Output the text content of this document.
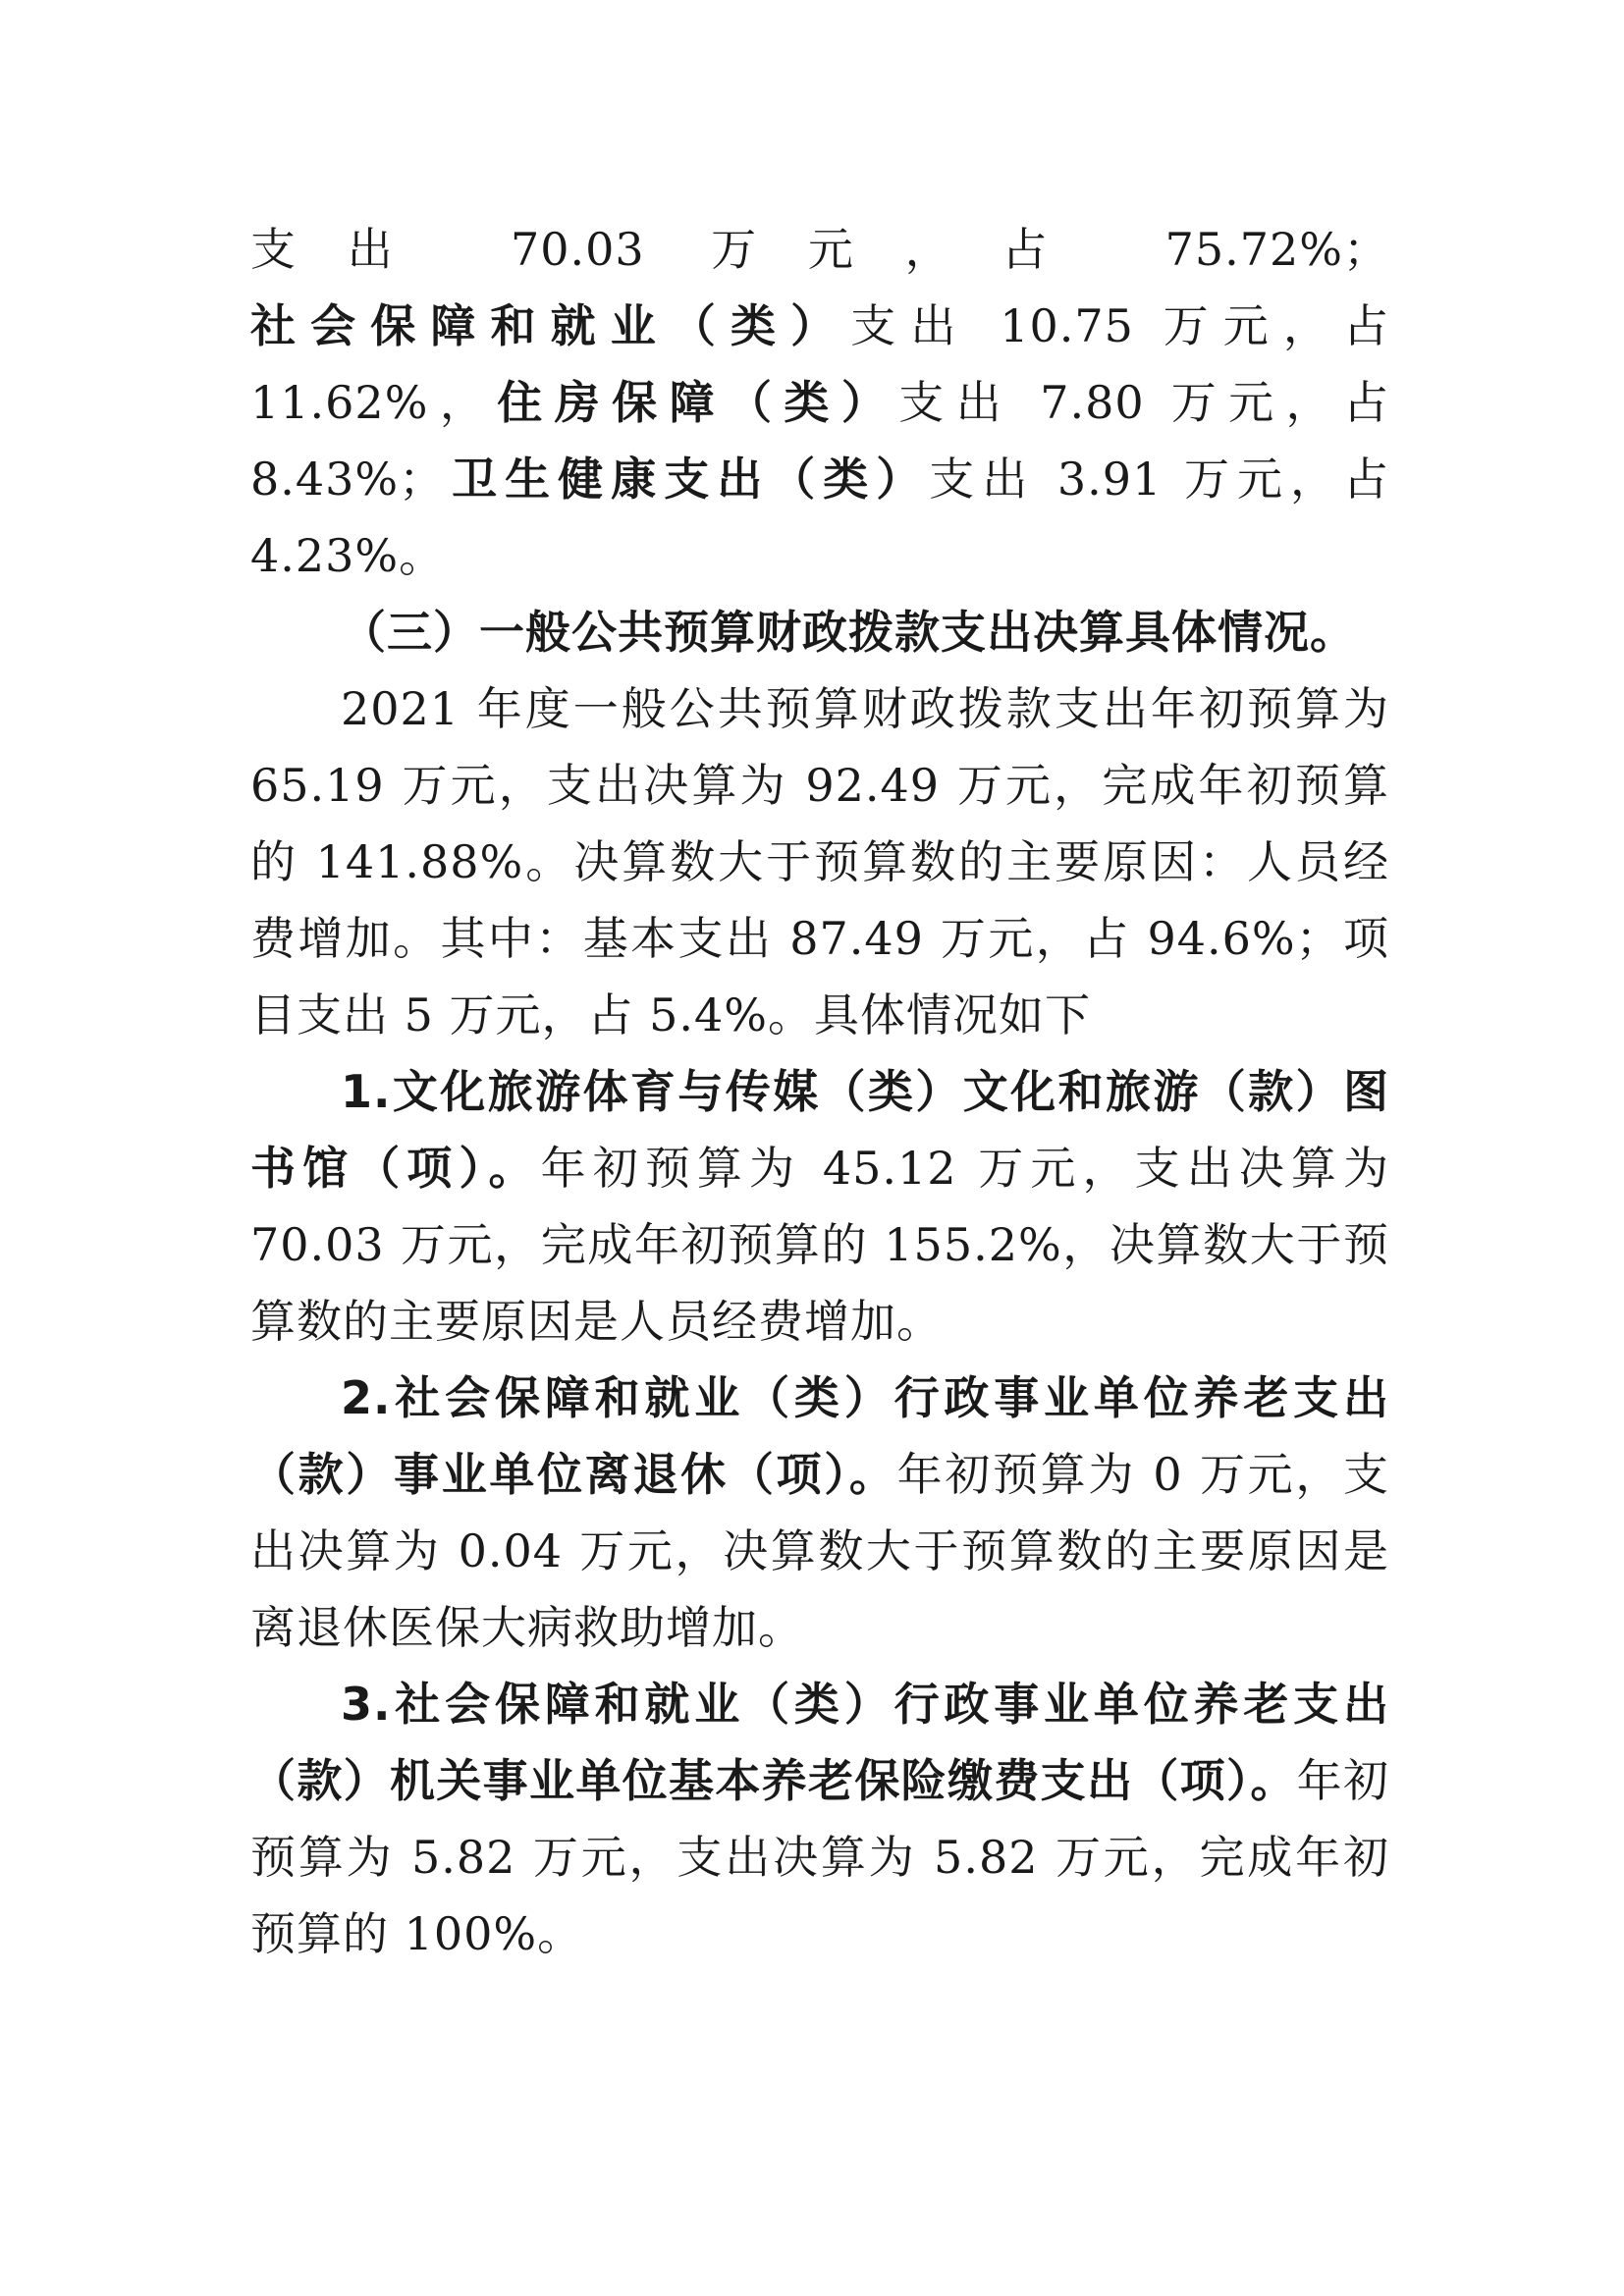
支出 70.03 万元，占 75.72%；社会保障和就业（类）支出 10.75 万元，占 11.62%，住房保障（类）支出 7.80 万元，占 8.43%；卫生健康支出（类）支出 3.91 万元，占 4.23%。

（三）一般公共预算财政拨款支出决算具体情况。

2021 年度一般公共预算财政拨款支出年初预算为 65.19 万元，支出决算为 92.49 万元，完成年初预算的 141.88%。决算数大于预算数的主要原因：人员经费增加。其中：基本支出 87.49 万元，占 94.6%；项目支出 5 万元，占 5.4%。具体情况如下

1.文化旅游体育与传媒（类）文化和旅游（款）图书馆（项）。年初预算为 45.12 万元，支出决算为 70.03 万元，完成年初预算的 155.2%，决算数大于预算数的主要原因是人员经费增加。

2.社会保障和就业（类）行政事业单位养老支出（款）事业单位离退休（项）。年初预算为 0 万元，支出决算为 0.04 万元，决算数大于预算数的主要原因是离退休医保大病救助增加。

3.社会保障和就业（类）行政事业单位养老支出（款）机关事业单位基本养老保险缴费支出（项）。年初预算为 5.82 万元，支出决算为 5.82 万元，完成年初预算的 100%。
